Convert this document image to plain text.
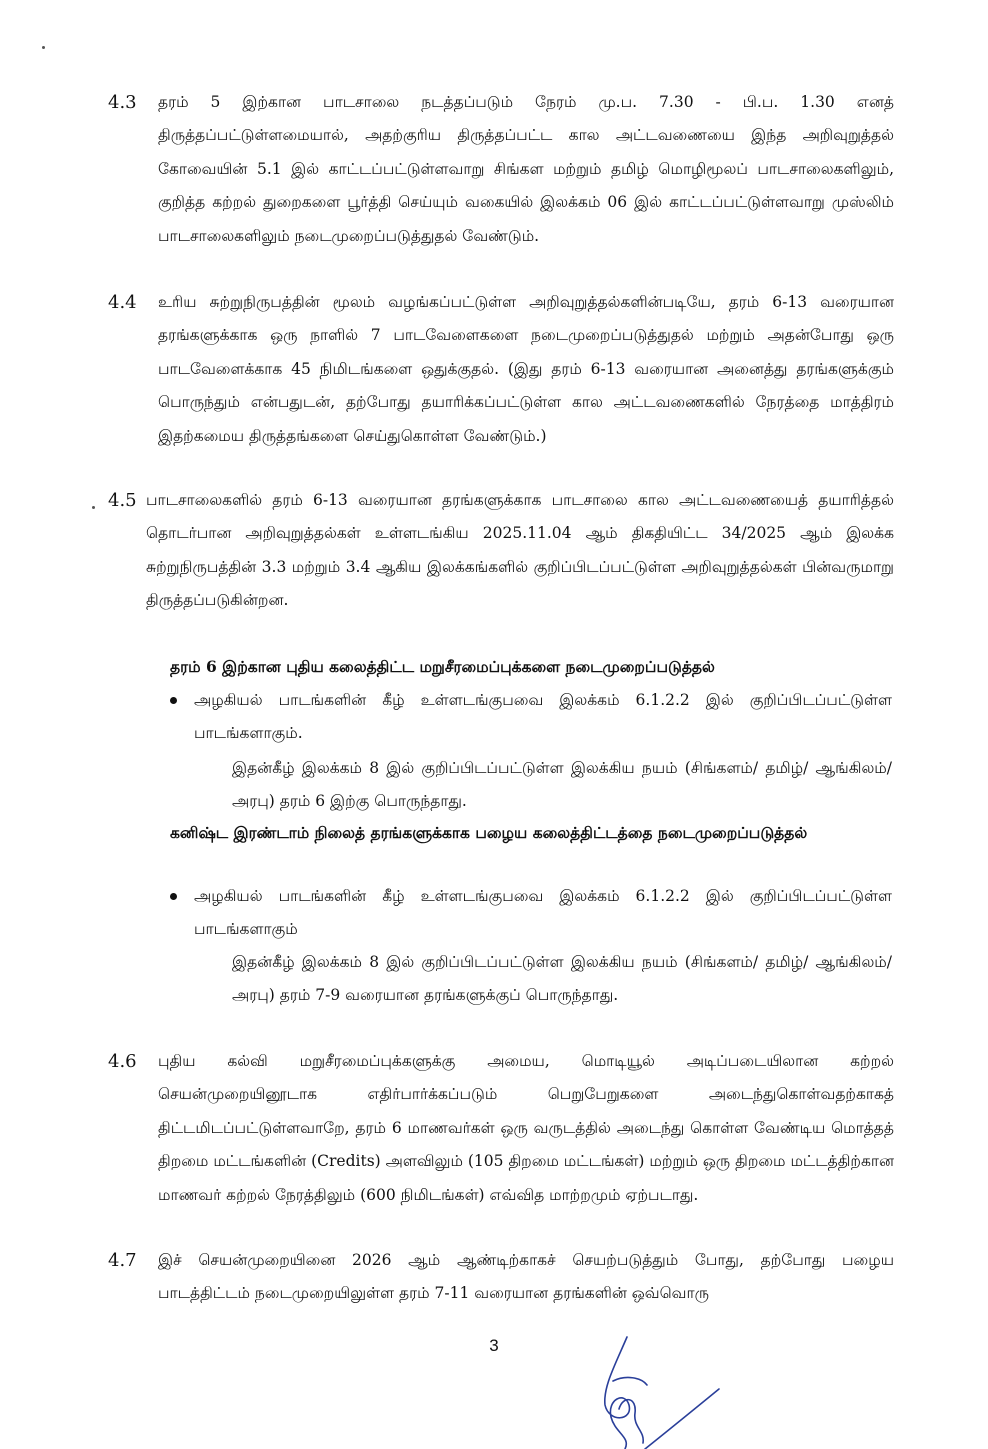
4.3 தரம் 5 இற்கான பாடசாலை நடத்தப்படும் நேரம் மு.ப. 7.30 - பி.ப. 1.30 எனத் திருத்தப்பட்டுள்ளமையால், அதற்குரிய திருத்தப்பட்ட கால அட்டவணையை இந்த அறிவுறுத்தல் கோவையின் 5.1 இல் காட்டப்பட்டுள்ளவாறு சிங்கள மற்றும் தமிழ் மொழிமூலப் பாடசாலைகளிலும், குறித்த கற்றல் துறைகளை பூர்த்தி செய்யும் வகையில் இலக்கம் 06 இல் காட்டப்பட்டுள்ளவாறு முஸ்லிம் பாடசாலைகளிலும் நடைமுறைப்படுத்துதல் வேண்டும்.
4.4 உரிய சுற்றுநிருபத்தின் மூலம் வழங்கப்பட்டுள்ள அறிவுறுத்தல்களின்படியே, தரம் 6-13 வரையான தரங்களுக்காக ஒரு நாளில் 7 பாடவேளைகளை நடைமுறைப்படுத்துதல் மற்றும் அதன்போது ஒரு பாடவேளைக்காக 45 நிமிடங்களை ஒதுக்குதல். (இது தரம் 6-13 வரையான அனைத்து தரங்களுக்கும் பொருந்தும் என்பதுடன், தற்போது தயாரிக்கப்பட்டுள்ள கால அட்டவணைகளில் நேரத்தை மாத்திரம் இதற்கமைய திருத்தங்களை செய்துகொள்ள வேண்டும்.)
4.5 பாடசாலைகளில் தரம் 6-13 வரையான தரங்களுக்காக பாடசாலை கால அட்டவணையைத் தயாரித்தல் தொடர்பான அறிவுறுத்தல்கள் உள்ளடங்கிய 2025.11.04 ஆம் திகதியிட்ட 34/2025 ஆம் இலக்க சுற்றுநிருபத்தின் 3.3 மற்றும் 3.4 ஆகிய இலக்கங்களில் குறிப்பிடப்பட்டுள்ள அறிவுறுத்தல்கள் பின்வருமாறு திருத்தப்படுகின்றன.
தரம் 6 இற்கான புதிய கலைத்திட்ட மறுசீரமைப்புக்களை நடைமுறைப்படுத்தல்
அழகியல் பாடங்களின் கீழ் உள்ளடங்குபவை இலக்கம் 6.1.2.2 இல் குறிப்பிடப்பட்டுள்ள பாடங்களாகும்.
இதன்கீழ் இலக்கம் 8 இல் குறிப்பிடப்பட்டுள்ள இலக்கிய நயம் (சிங்களம்/ தமிழ்/ ஆங்கிலம்/ அரபு) தரம் 6 இற்கு பொருந்தாது.
கனிஷ்ட இரண்டாம் நிலைத் தரங்களுக்காக பழைய கலைத்திட்டத்தை நடைமுறைப்படுத்தல்
அழகியல் பாடங்களின் கீழ் உள்ளடங்குபவை இலக்கம் 6.1.2.2 இல் குறிப்பிடப்பட்டுள்ள பாடங்களாகும்
இதன்கீழ் இலக்கம் 8 இல் குறிப்பிடப்பட்டுள்ள இலக்கிய நயம் (சிங்களம்/ தமிழ்/ ஆங்கிலம்/ அரபு) தரம் 7-9 வரையான தரங்களுக்குப் பொருந்தாது.
4.6 புதிய கல்வி மறுசீரமைப்புக்களுக்கு அமைய, மொடியூல் அடிப்படையிலான கற்றல் செயன்முறையினூடாக எதிர்பார்க்கப்படும் பெறுபேறுகளை அடைந்துகொள்வதற்காகத் திட்டமிடப்பட்டுள்ளவாறே, தரம் 6 மாணவர்கள் ஒரு வருடத்தில் அடைந்து கொள்ள வேண்டிய மொத்தத் திறமை மட்டங்களின் (Credits) அளவிலும் (105 திறமை மட்டங்கள்) மற்றும் ஒரு திறமை மட்டத்திற்கான மாணவர் கற்றல் நேரத்திலும் (600 நிமிடங்கள்) எவ்வித மாற்றமும் ஏற்படாது.
4.7 இச் செயன்முறையினை 2026 ஆம் ஆண்டிற்காகச் செயற்படுத்தும் போது, தற்போது பழைய பாடத்திட்டம் நடைமுறையிலுள்ள தரம் 7-11 வரையான தரங்களின் ஒவ்வொரு
3
